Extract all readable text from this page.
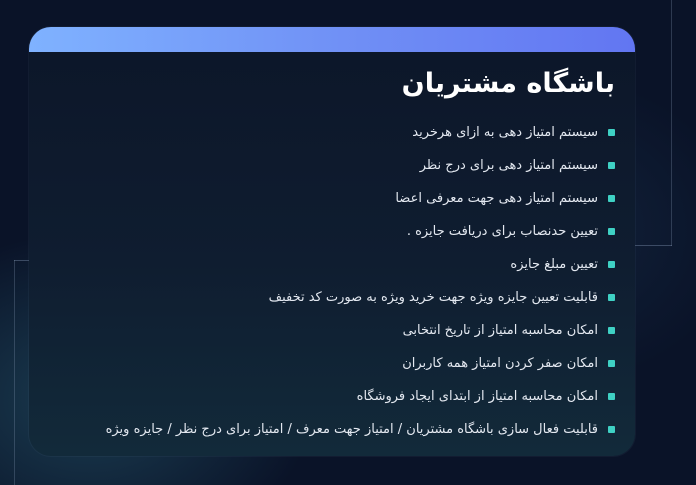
باشگاه مشتریان
سیستم امتیاز دهی به ازای هرخرید
سیستم امتیاز دهی برای درج نظر
سیستم امتیاز دهی جهت معرفی اعضا
تعیین حدنصاب برای دریافت جایزه .
تعیین مبلغ جایزه
قابلیت تعیین جایزه ویژه جهت خرید ویژه به صورت کد تخفیف
امکان محاسبه امتیاز از تاریخ انتخابی
امکان صفر کردن امتیاز همه کاربران
امکان محاسبه امتیاز از ابتدای ایجاد فروشگاه
قابلیت فعال سازی باشگاه مشتریان / امتیاز جهت معرف / امتیاز برای درج نظر / جایزه ویژه
